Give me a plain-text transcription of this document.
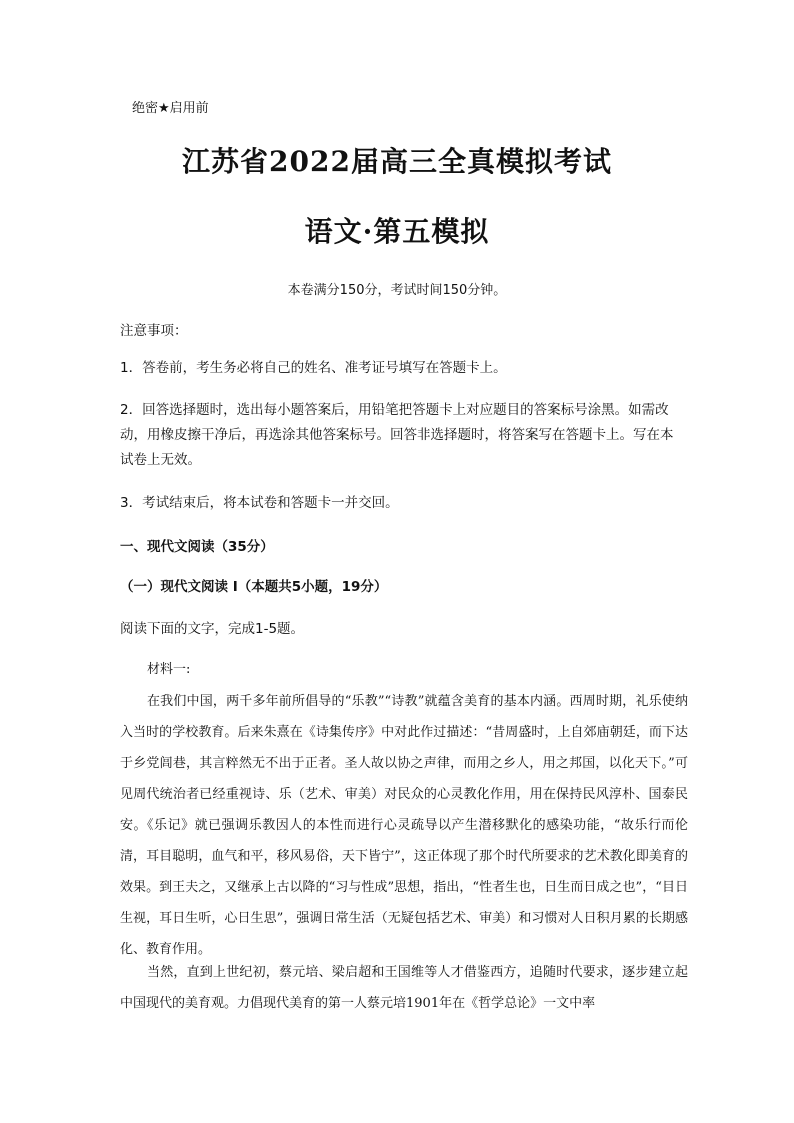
绝密★启用前
江苏省2022届高三全真模拟考试
语文·第五模拟
本卷满分150分，考试时间150分钟。
注意事项：
1．答卷前，考生务必将自己的姓名、准考证号填写在答题卡上。
2．回答选择题时，选出每小题答案后，用铅笔把答题卡上对应题目的答案标号涂黑。如需改动，用橡皮擦干净后，再选涂其他答案标号。回答非选择题时，将答案写在答题卡上。写在本试卷上无效。
3．考试结束后，将本试卷和答题卡一并交回。
一、现代文阅读（35分）
（一）现代文阅读 I（本题共5小题，19分）
阅读下面的文字，完成1-5题。
材料一:
在我们中国，两千多年前所倡导的“乐教”“诗教”就蕴含美育的基本内涵。西周时期，礼乐使纳入当时的学校教育。后来朱熹在《诗集传序》中对此作过描述：“昔周盛时，上自郊庙朝廷，而下达于乡党闾巷，其言粹然无不出于正者。圣人故以协之声律，而用之乡人，用之邦国，以化天下。”可见周代统治者已经重视诗、乐（艺术、审美）对民众的心灵教化作用，用在保持民风淳朴、国泰民安。《乐记》就已强调乐教因人的本性而进行心灵疏导以产生潜移默化的感染功能，“故乐行而伦清，耳目聪明，血气和平，移风易俗，天下皆宁”，这正体现了那个时代所要求的艺术教化即美育的效果。到王夫之，又继承上古以降的“习与性成”思想，指出，“性者生也，日生而日成之也”，“目日生视，耳日生听，心日生思”，强调日常生活（无疑包括艺术、审美）和习惯对人日积月累的长期感化、教育作用。
当然，直到上世纪初，蔡元培、梁启超和王国维等人才借鉴西方，追随时代要求，逐步建立起中国现代的美育观。力倡现代美育的第一人蔡元培1901年在《哲学总论》一文中率
